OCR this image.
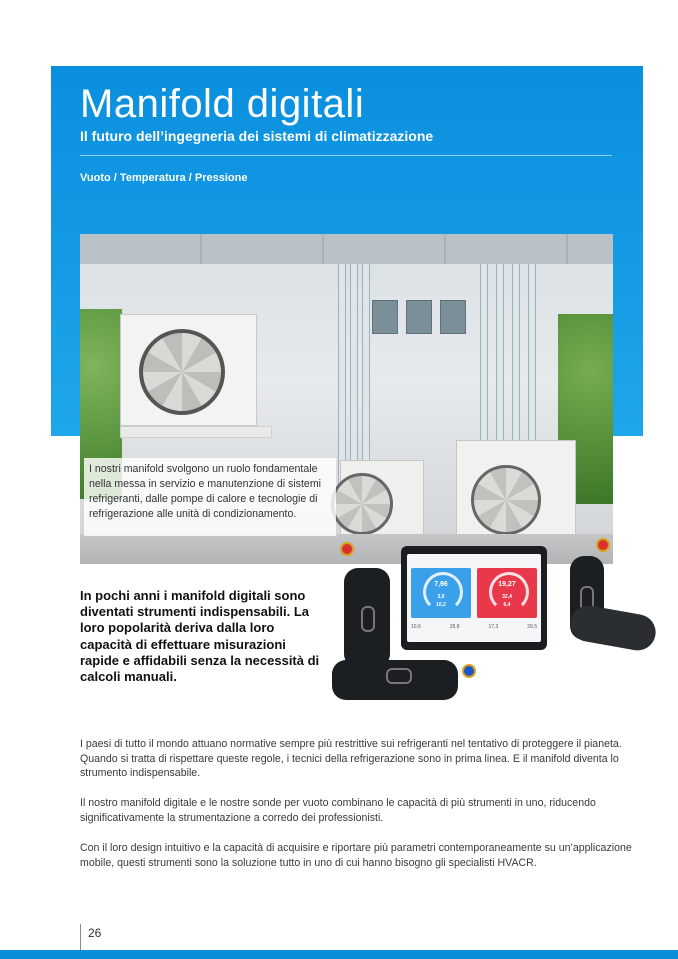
Manifold digitali
Il futuro dell’ingegneria dei sistemi di climatizzazione
Vuoto / Temperatura / Pressione

I nostri manifold svolgono un ruolo fondamentale nella messa in servizio e manutenzione di sistemi refrigeranti, dalle pompe di calore e tecnologie di refrigerazione alle unità di condizionamento.

In pochi anni i manifold digitali sono diventati strumenti indispensabili. La loro popolarità deriva dalla loro capacità di effettuare misurazioni rapide e affidabili senza la necessità di calcoli manuali.

7,96
3,9
10,2
19,27
32,4
6,4
10,6	28,8	17,3	29,5

I paesi di tutto il mondo attuano normative sempre più restrittive sui refrigeranti nel tentativo di proteggere il pianeta. Quando si tratta di rispettare queste regole, i tecnici della refrigerazione sono in prima linea. E il manifold diventa lo strumento indispensabile.

Il nostro manifold digitale e le nostre sonde per vuoto combinano le capacità di più strumenti in uno, riducendo significativamente la strumentazione a corredo dei professionisti.

Con il loro design intuitivo e la capacità di acquisire e riportare più parametri contemporaneamente su un’applicazione mobile, questi strumenti sono la soluzione tutto in uno di cui hanno bisogno gli specialisti HVACR.

26
